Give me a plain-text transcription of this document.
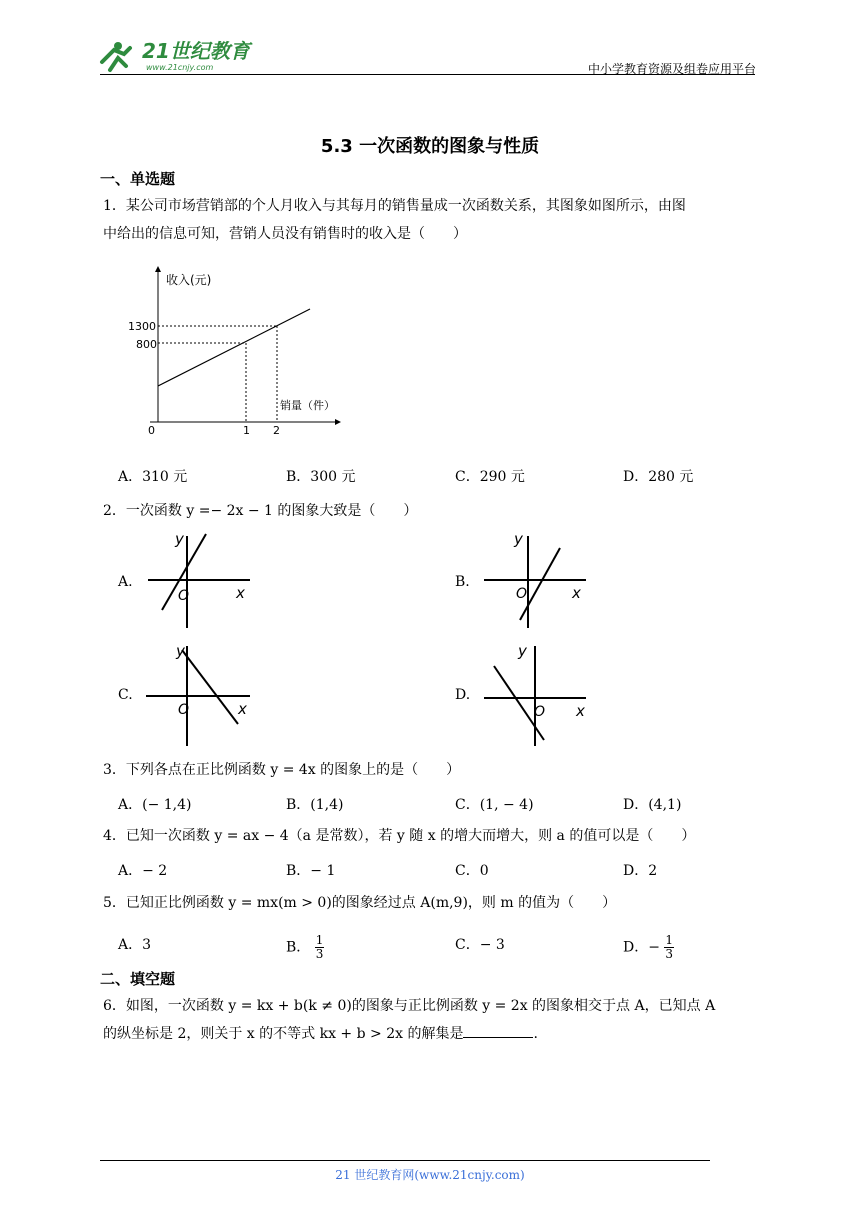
21世纪教育
www.21cnjy.com	中小学教育资源及组卷应用平台
5.3 一次函数的图象与性质
一、单选题
1．某公司市场营销部的个人月收入与其每月的销售量成一次函数关系，其图象如图所示，由图
中给出的信息可知，营销人员没有销售时的收入是（　　）
收入(元)
销量（件）
0	1 2
1300
800
A．310 元	B．300 元	C．290 元	D．280 元
2．一次函数 y =− 2x − 1 的图象大致是（　　）
A.
y
x
O
B.
y
x
O
C.
y
x
O
D.
y
x
O
3．下列各点在正比例函数 y = 4x 的图象上的是（　　）
A．(− 1,4)	B．(1,4)	C．(1, − 4)	D．(4,1)
4．已知一次函数 y = ax − 4（a 是常数），若 y 随 x 的增大而增大，则 a 的值可以是（　　）
A．− 2	B．− 1	C．0	D．2
5．已知正比例函数 y = mx(m > 0)的图象经过点 A(m,9)，则 m 的值为（　　）
A．3	B． $\frac{1}{3}$	C．− 3	D．− $\frac{1}{3}$
二、填空题
6．如图，一次函数 y = kx + b(k ≠ 0)的图象与正比例函数 y = 2x 的图象相交于点 A，已知点 A
的纵坐标是 2，则关于 x 的不等式 kx + b > 2x 的解集是	.
21 世纪教育网(www.21cnjy.com)
